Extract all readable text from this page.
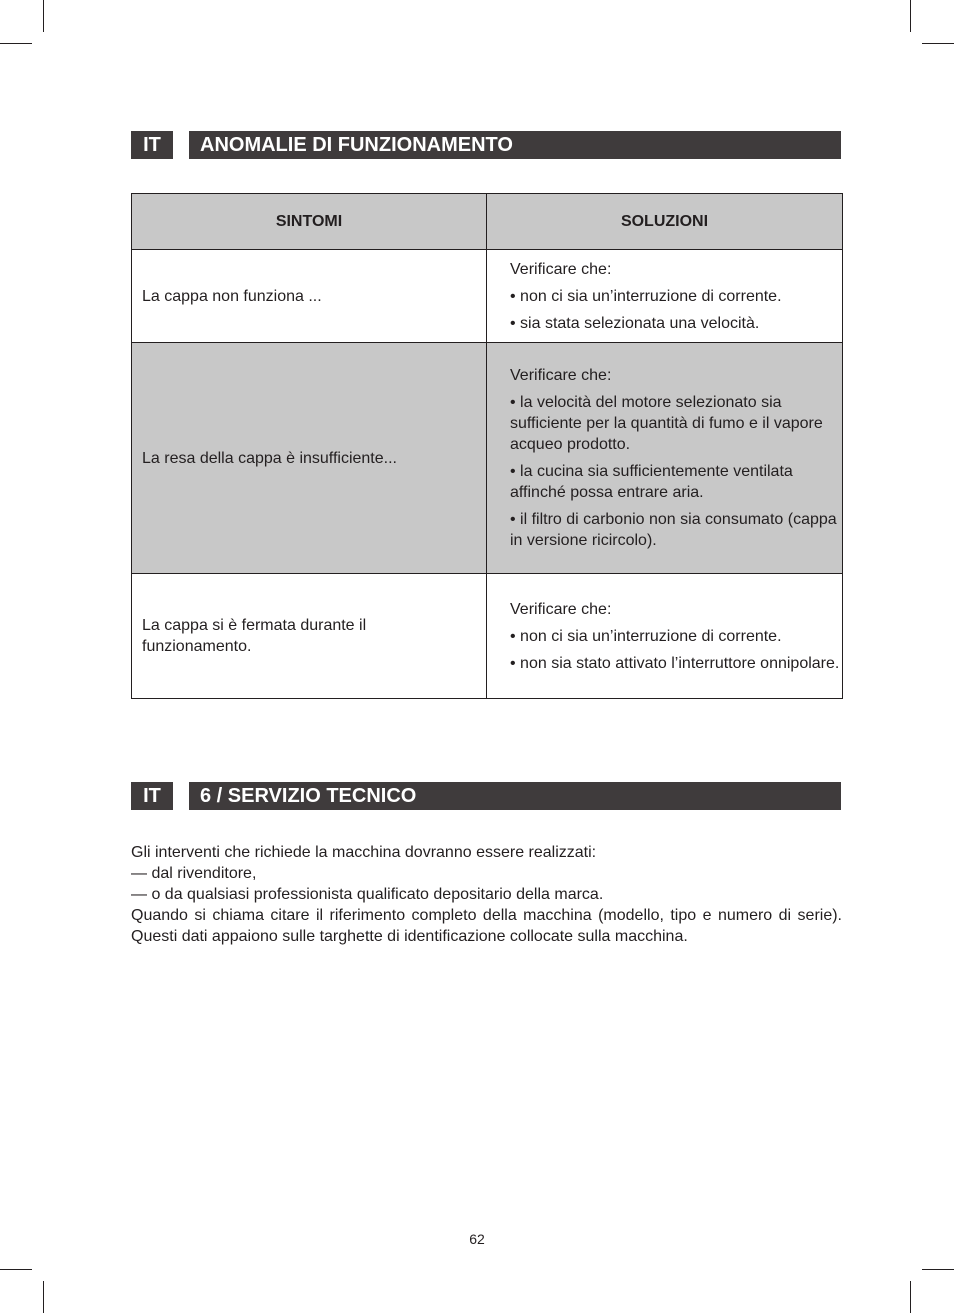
IT	ANOMALIE DI FUNZIONAMENTO
SINTOMI	SOLUZIONI
La cappa non funziona ...	Verificare che:

• non ci sia un’interruzione di corrente.

• sia stata selezionata una velocità.

La resa della cappa è insufficiente...	Verificare che:

• la velocità del motore selezionato sia sufficiente per la quantità di fumo e il vapore acqueo prodotto.

• la cucina sia sufficientemente ventilata affinché possa entrare aria.

• il filtro di carbonio non sia consumato (cappa in versione ricircolo).

La cappa si è fermata durante il funzionamento.	Verificare che:

• non ci sia un’interruzione di corrente.

• non sia stato attivato l’interruttore onnipolare.

IT	6 / SERVIZIO TECNICO

Gli interventi che richiede la macchina dovranno essere realizzati:

— dal rivenditore,

— o da qualsiasi professionista qualificato depositario della marca.

Quando si chiama citare il riferimento completo della macchina (modello, tipo e numero di serie). Questi dati appaiono sulle targhette di identificazione collocate sulla macchina.

62
